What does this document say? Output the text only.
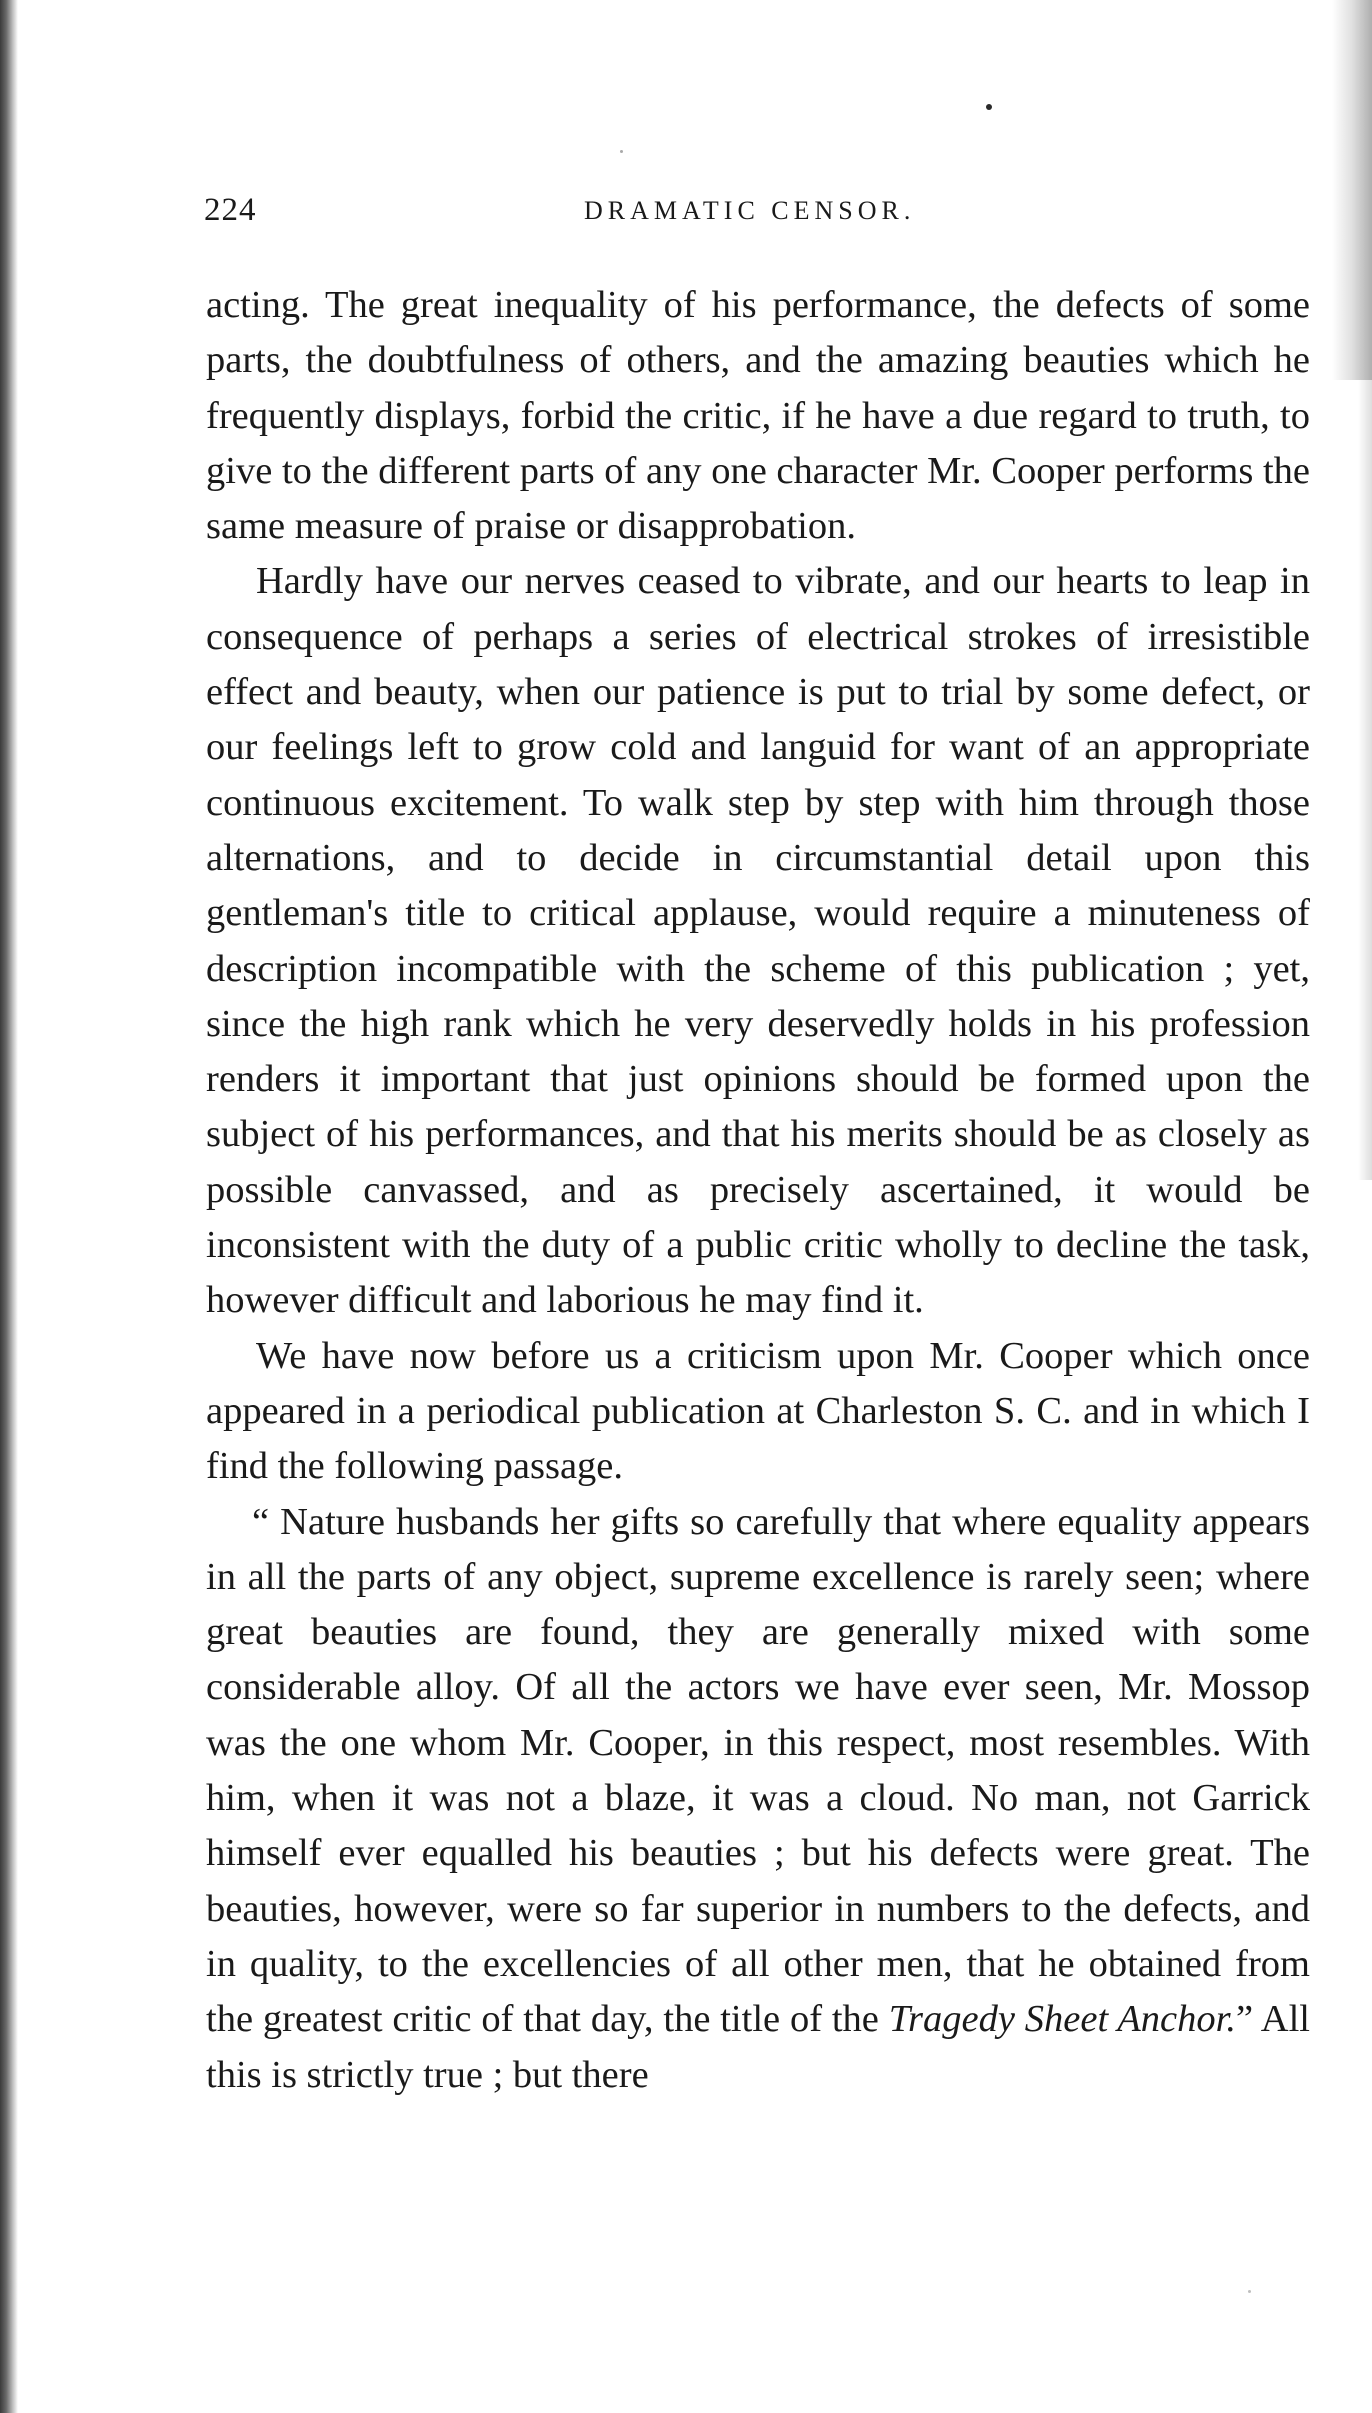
224	DRAMATIC CENSOR.

acting. The great inequality of his performance, the defects of some parts, the doubtfulness of others, and the amazing beauties which he frequently displays, forbid the critic, if he have a due regard to truth, to give to the different parts of any one character Mr. Cooper performs the same measure of praise or disapprobation.

Hardly have our nerves ceased to vibrate, and our hearts to leap in consequence of perhaps a series of electrical strokes of irresistible effect and beauty, when our patience is put to trial by some defect, or our feelings left to grow cold and languid for want of an appropriate continuous excitement. To walk step by step with him through those alternations, and to decide in circumstantial detail upon this gentleman's title to critical applause, would require a minuteness of description incompatible with the scheme of this publication ; yet, since the high rank which he very deservedly holds in his profession renders it important that just opinions should be formed upon the subject of his performances, and that his merits should be as closely as possible canvassed, and as precisely ascertained, it would be inconsistent with the duty of a public critic wholly to decline the task, however difficult and laborious he may find it.

We have now before us a criticism upon Mr. Cooper which once appeared in a periodical publication at Charleston S. C. and in which I find the following passage.

“ Nature husbands her gifts so carefully that where equality appears in all the parts of any object, supreme excellence is rarely seen; where great beauties are found, they are generally mixed with some considerable alloy. Of all the actors we have ever seen, Mr. Mossop was the one whom Mr. Cooper, in this respect, most resembles. With him, when it was not a blaze, it was a cloud. No man, not Garrick himself ever equalled his beauties ; but his defects were great. The beauties, however, were so far superior in numbers to the defects, and in quality, to the excellencies of all other men, that he obtained from the greatest critic of that day, the title of the Tragedy Sheet Anchor.” All this is strictly true ; but there
